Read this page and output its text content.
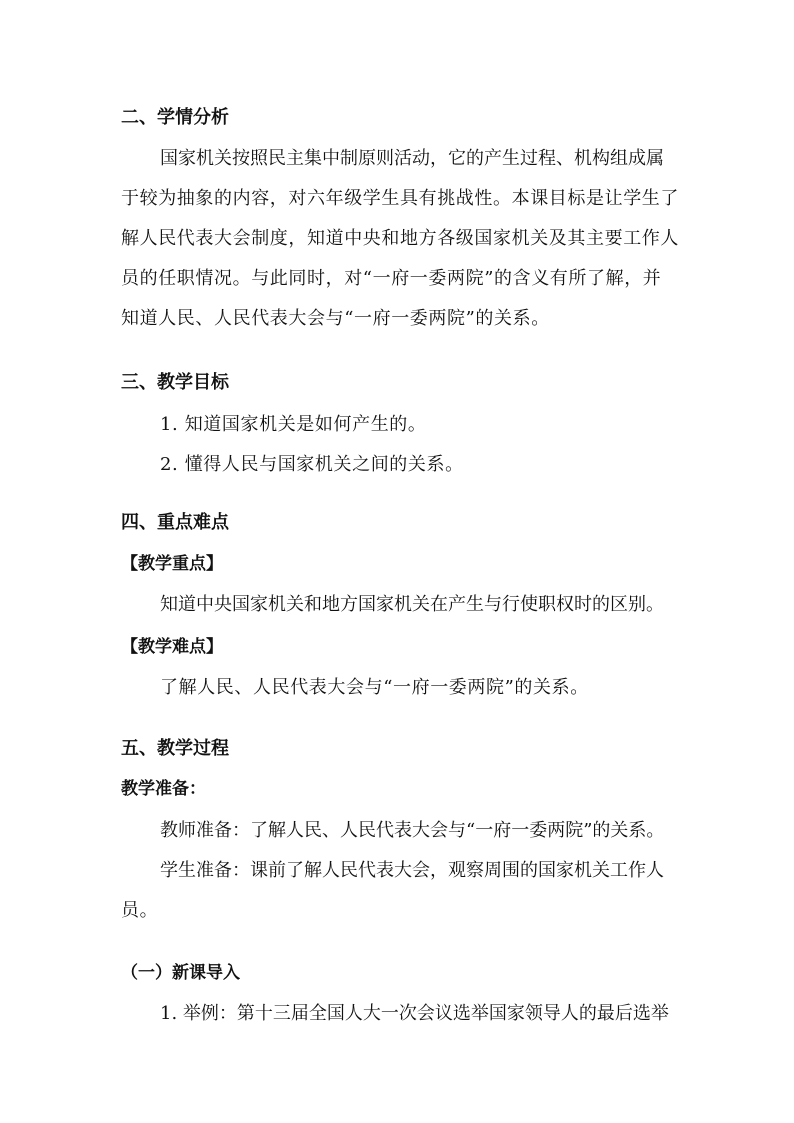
二、学情分析
国家机关按照民主集中制原则活动，它的产生过程、机构组成属
于较为抽象的内容，对六年级学生具有挑战性。本课目标是让学生了
解人民代表大会制度，知道中央和地方各级国家机关及其主要工作人
员的任职情况。与此同时，对“一府一委两院”的含义有所了解，并
知道人民、人民代表大会与“一府一委两院”的关系。
三、教学目标
1. 知道国家机关是如何产生的。
2. 懂得人民与国家机关之间的关系。
四、重点难点
【教学重点】
知道中央国家机关和地方国家机关在产生与行使职权时的区别。
【教学难点】
了解人民、人民代表大会与“一府一委两院”的关系。
五、教学过程
教学准备：
教师准备：了解人民、人民代表大会与“一府一委两院”的关系。
学生准备：课前了解人民代表大会，观察周围的国家机关工作人
员。
（一）新课导入
1. 举例：第十三届全国人大一次会议选举国家领导人的最后选举
